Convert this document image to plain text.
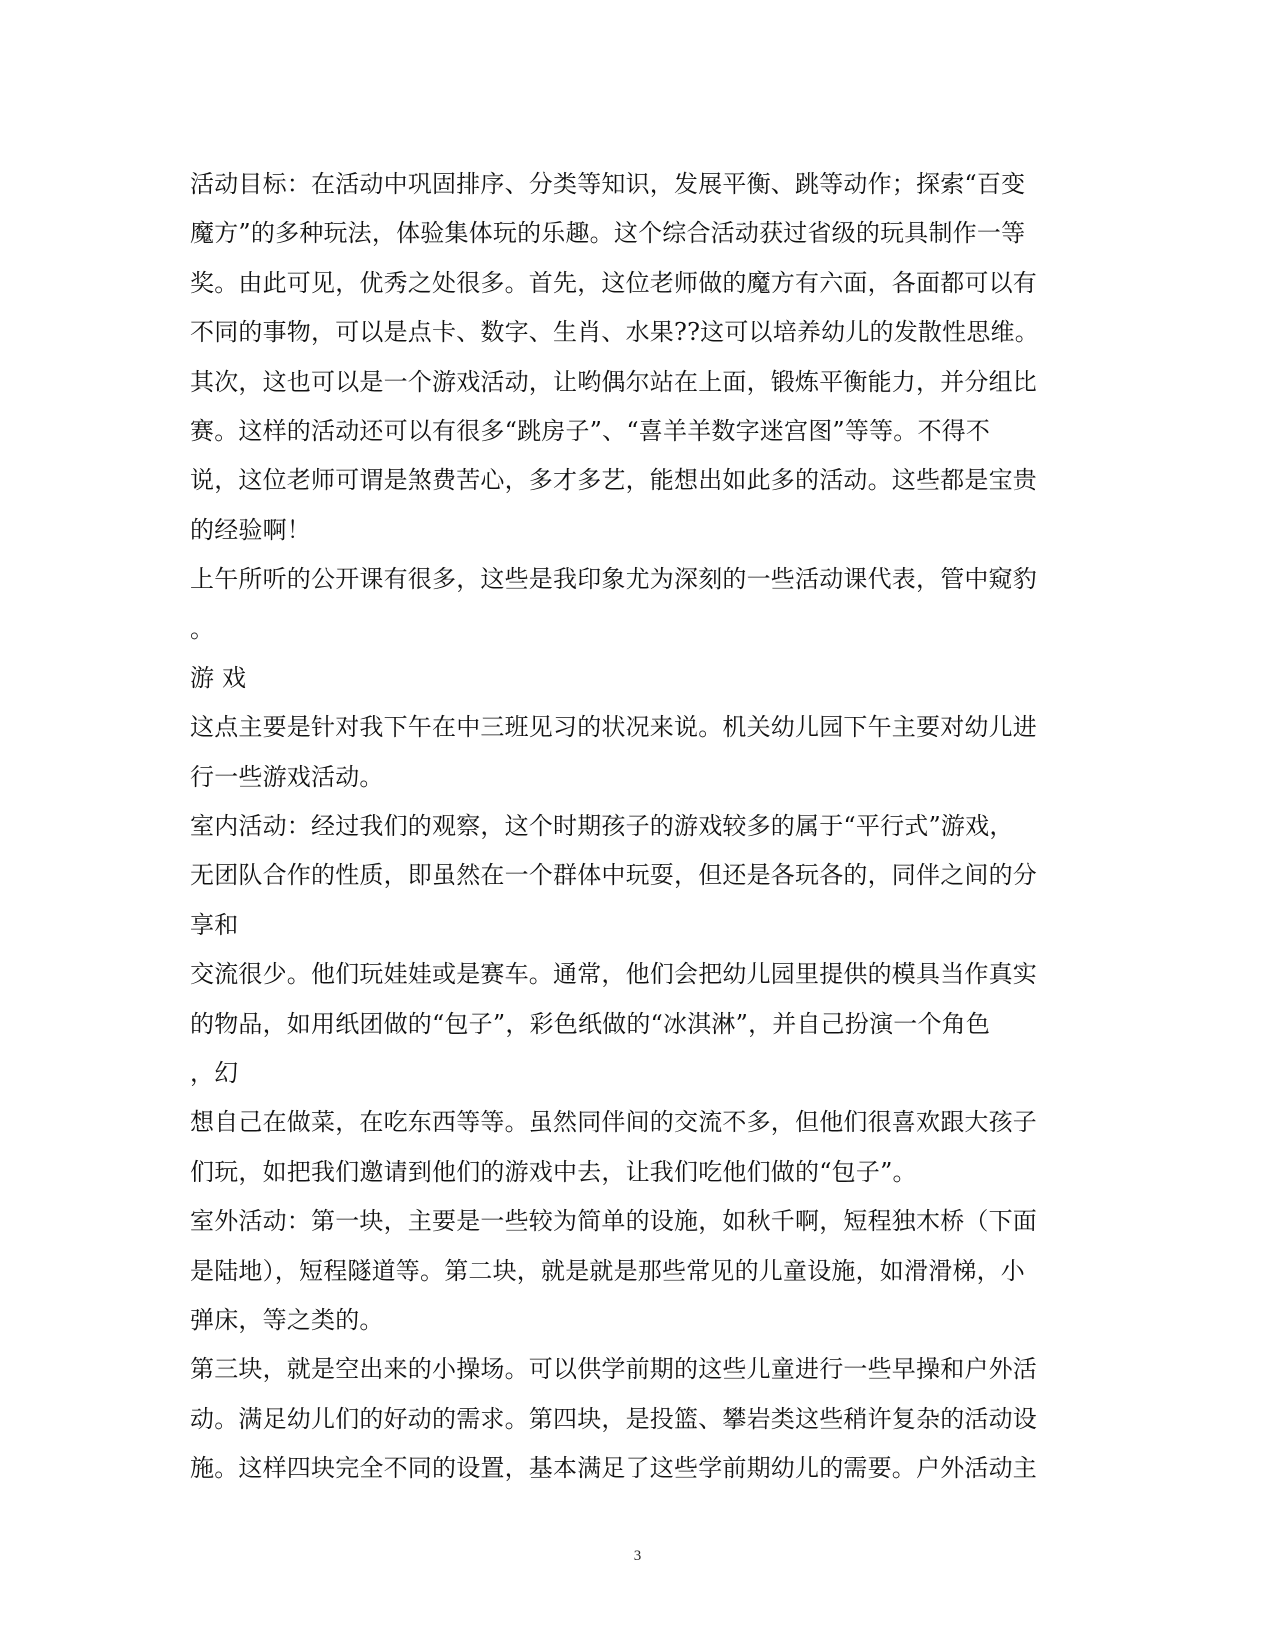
活动目标：在活动中巩固排序、分类等知识，发展平衡、跳等动作；探索“百变
魔方”的多种玩法，体验集体玩的乐趣。这个综合活动获过省级的玩具制作一等
奖。由此可见，优秀之处很多。首先，这位老师做的魔方有六面，各面都可以有
不同的事物，可以是点卡、数字、生肖、水果??这可以培养幼儿的发散性思维。
其次，这也可以是一个游戏活动，让哟偶尔站在上面，锻炼平衡能力，并分组比
赛。这样的活动还可以有很多“跳房子”、“喜羊羊数字迷宫图”等等。不得不
说，这位老师可谓是煞费苦心，多才多艺，能想出如此多的活动。这些都是宝贵
的经验啊！
上午所听的公开课有很多，这些是我印象尤为深刻的一些活动课代表，管中窥豹
。
游 戏
这点主要是针对我下午在中三班见习的状况来说。机关幼儿园下午主要对幼儿进
行一些游戏活动。
室内活动：经过我们的观察，这个时期孩子的游戏较多的属于“平行式”游戏，
无团队合作的性质，即虽然在一个群体中玩耍，但还是各玩各的，同伴之间的分
享和
交流很少。他们玩娃娃或是赛车。通常，他们会把幼儿园里提供的模具当作真实
的物品，如用纸团做的“包子”，彩色纸做的“冰淇淋”，并自己扮演一个角色
，幻
想自己在做菜，在吃东西等等。虽然同伴间的交流不多，但他们很喜欢跟大孩子
们玩，如把我们邀请到他们的游戏中去，让我们吃他们做的“包子”。
室外活动：第一块，主要是一些较为简单的设施，如秋千啊，短程独木桥（下面
是陆地），短程隧道等。第二块，就是就是那些常见的儿童设施，如滑滑梯，小
弹床，等之类的。
第三块，就是空出来的小操场。可以供学前期的这些儿童进行一些早操和户外活
动。满足幼儿们的好动的需求。第四块，是投篮、攀岩类这些稍许复杂的活动设
施。这样四块完全不同的设置，基本满足了这些学前期幼儿的需要。户外活动主
3
